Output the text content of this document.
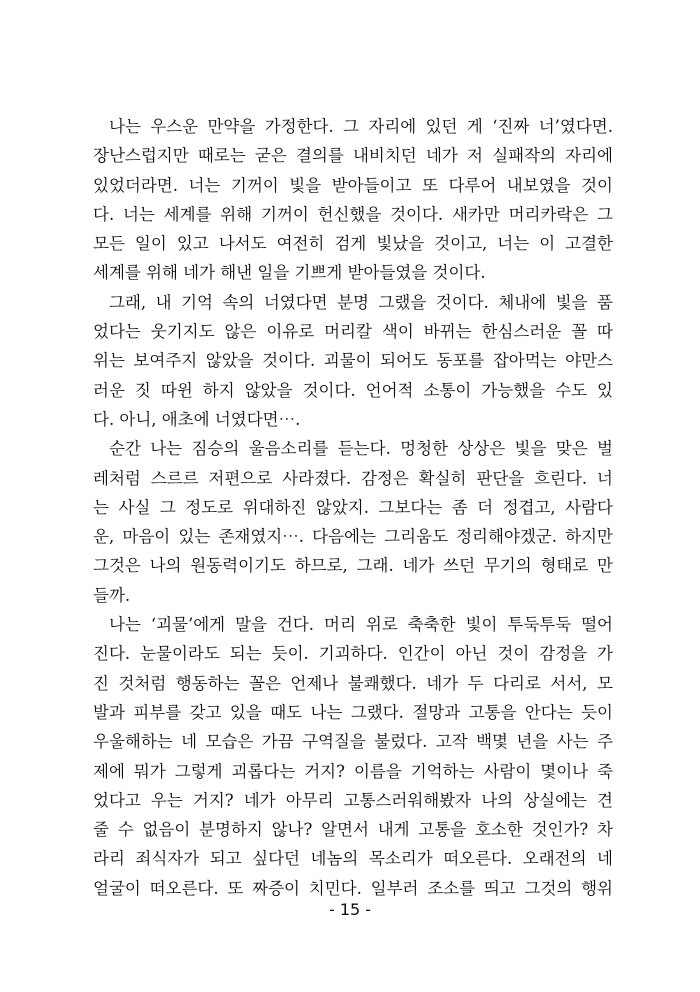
나는 우스운 만약을 가정한다. 그 자리에 있던 게 ‘진짜 너’였다면.
장난스럽지만 때로는 굳은 결의를 내비치던 네가 저 실패작의 자리에
있었더라면. 너는 기꺼이 빛을 받아들이고 또 다루어 내보였을 것이
다. 너는 세계를 위해 기꺼이 헌신했을 것이다. 새카만 머리카락은 그
모든 일이 있고 나서도 여전히 검게 빛났을 것이고, 너는 이 고결한
세계를 위해 네가 해낸 일을 기쁘게 받아들였을 것이다.
그래, 내 기억 속의 너였다면 분명 그랬을 것이다. 체내에 빛을 품
었다는 웃기지도 않은 이유로 머리칼 색이 바뀌는 한심스러운 꼴 따
위는 보여주지 않았을 것이다. 괴물이 되어도 동포를 잡아먹는 야만스
러운 짓 따윈 하지 않았을 것이다. 언어적 소통이 가능했을 수도 있
다. 아니, 애초에 너였다면⋯.
순간 나는 짐승의 울음소리를 듣는다. 멍청한 상상은 빛을 맞은 벌
레처럼 스르르 저편으로 사라졌다. 감정은 확실히 판단을 흐린다. 너
는 사실 그 정도로 위대하진 않았지. 그보다는 좀 더 정겹고, 사람다
운, 마음이 있는 존재였지⋯. 다음에는 그리움도 정리해야겠군. 하지만
그것은 나의 원동력이기도 하므로, 그래. 네가 쓰던 무기의 형태로 만
들까.
나는 ‘괴물’에게 말을 건다. 머리 위로 축축한 빛이 투둑투둑 떨어
진다. 눈물이라도 되는 듯이. 기괴하다. 인간이 아닌 것이 감정을 가
진 것처럼 행동하는 꼴은 언제나 불쾌했다. 네가 두 다리로 서서, 모
발과 피부를 갖고 있을 때도 나는 그랬다. 절망과 고통을 안다는 듯이
우울해하는 네 모습은 가끔 구역질을 불렀다. 고작 백몇 년을 사는 주
제에 뭐가 그렇게 괴롭다는 거지? 이름을 기억하는 사람이 몇이나 죽
었다고 우는 거지? 네가 아무리 고통스러워해봤자 나의 상실에는 견
줄 수 없음이 분명하지 않나? 알면서 내게 고통을 호소한 것인가? 차
라리 죄식자가 되고 싶다던 네놈의 목소리가 떠오른다. 오래전의 네
얼굴이 떠오른다. 또 짜증이 치민다. 일부러 조소를 띄고 그것의 행위
- 15 -
